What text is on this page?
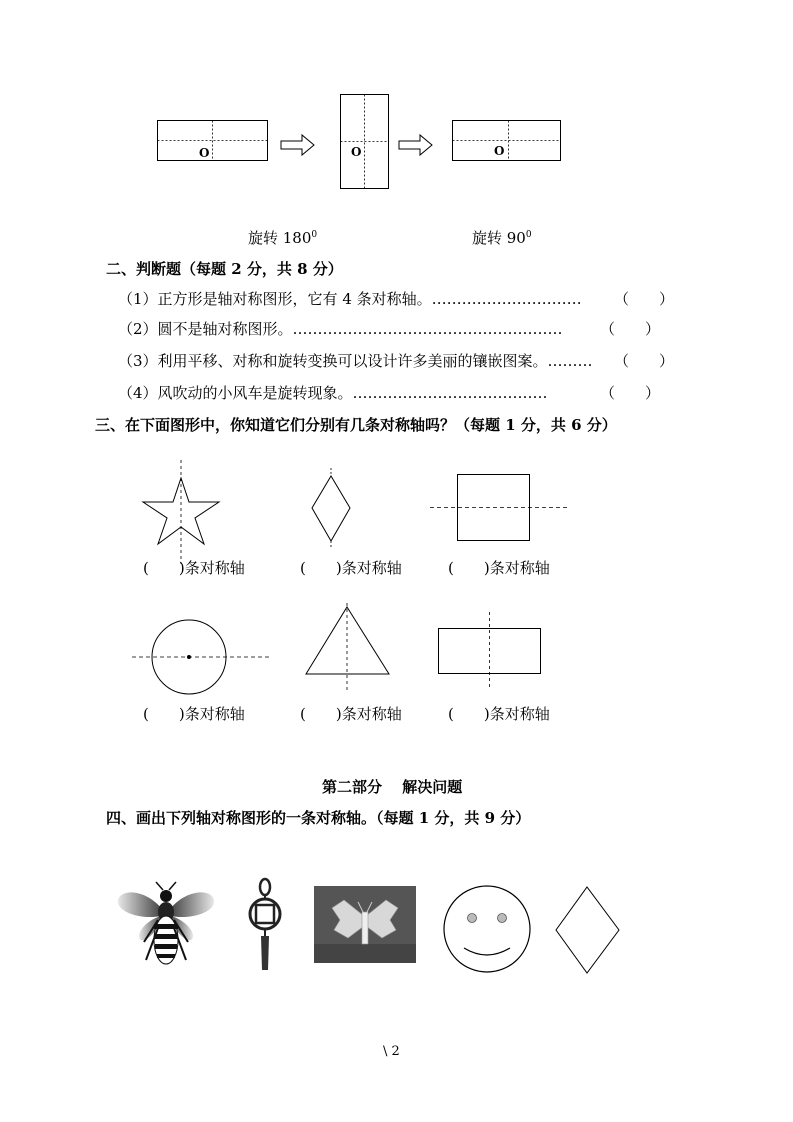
O	O	O
旋转 $180^0$	旋转 $90^0$
二、判断题（每题 2 分，共 8 分）
（1）正方形是轴对称图形，它有 4 条对称轴。………………………… （　　）
（2）圆不是轴对称图形。……………………………………………… （　　）
（3）利用平移、对称和旋转变换可以设计许多美丽的镶嵌图案。……… （　　）
（4）风吹动的小风车是旋转现象。…………………………………	（　　）
三、在下面图形中，你知道它们分别有几条对称轴吗？（每题 1 分，共 6 分）
(　　)条对称轴	(　　)条对称轴	(　　)条对称轴
(　　)条对称轴	(　　)条对称轴	(　　)条对称轴
第二部分　 解决问题
四、画出下列轴对称图形的一条对称轴。（每题 1 分，共 9 分）
\ 2
